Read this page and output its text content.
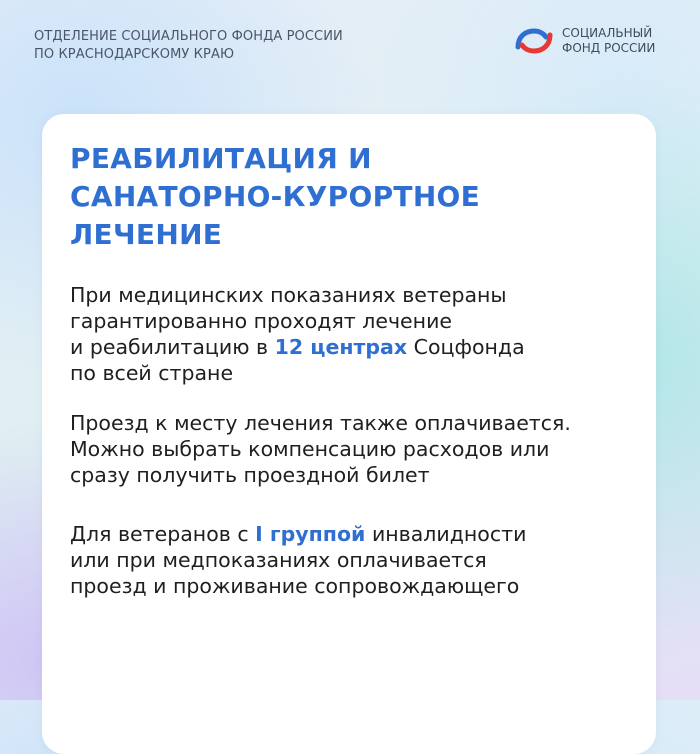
ОТДЕЛЕНИЕ СОЦИАЛЬНОГО ФОНДА РОССИИ
ПО КРАСНОДАРСКОМУ КРАЮ
СОЦИАЛЬНЫЙ
ФОНД РОССИИ
РЕАБИЛИТАЦИЯ И
САНАТОРНО-КУРОРТНОЕ
ЛЕЧЕНИЕ
При медицинских показаниях ветераны
гарантированно проходят лечение
и реабилитацию в 12 центрах Соцфонда
по всей стране
Проезд к месту лечения также оплачивается.
Можно выбрать компенсацию расходов или
сразу получить проездной билет
Для ветеранов с I группой инвалидности
или при медпоказаниях оплачивается
проезд и проживание сопровождающего
